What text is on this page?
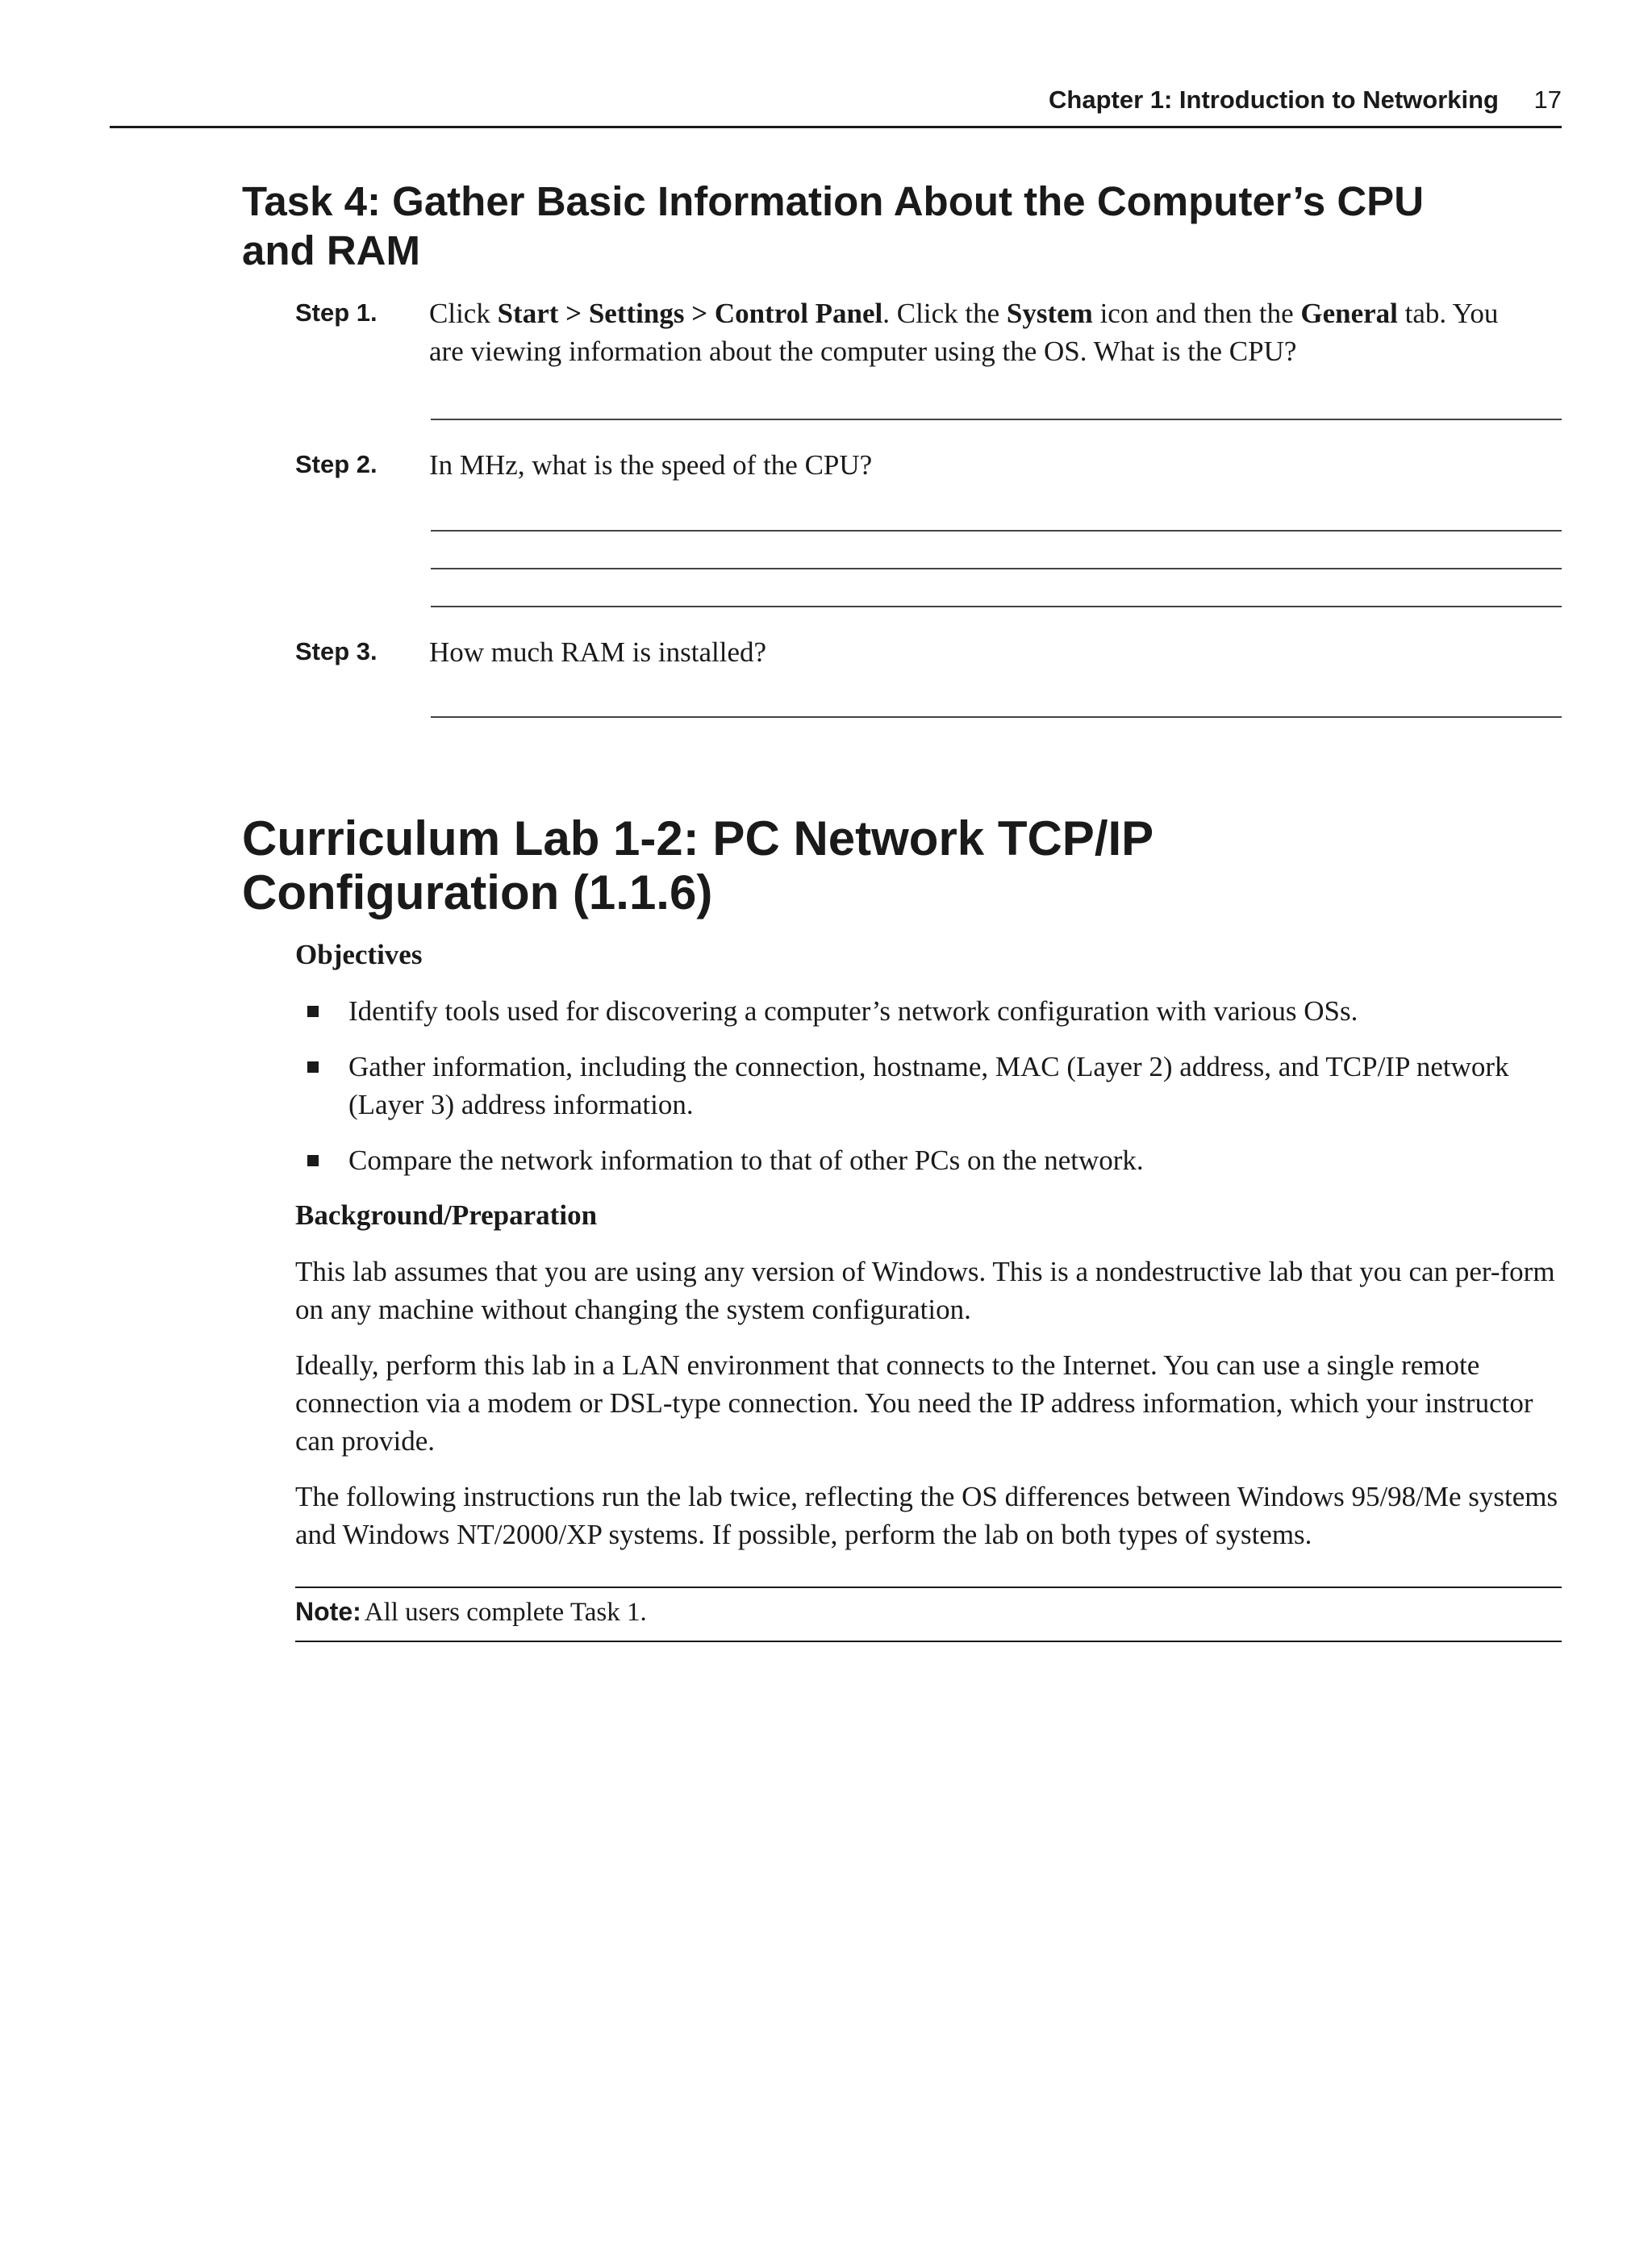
Chapter 1: Introduction to Networking 17
Task 4: Gather Basic Information About the Computer’s CPU
and RAM
Step 1. Click Start > Settings > Control Panel. Click the System icon and then the General tab. You
are viewing information about the computer using the OS. What is the CPU?
Step 2. In MHz, what is the speed of the CPU?
Step 3. How much RAM is installed?
Curriculum Lab 1-2: PC Network TCP/IP
Configuration (1.1.6)
Objectives
Identify tools used for discovering a computer’s network configuration with various OSs.
Gather information, including the connection, hostname, MAC (Layer 2) address, and TCP/IP network (Layer 3) address information.
Compare the network information to that of other PCs on the network.
Background/Preparation
This lab assumes that you are using any version of Windows. This is a nondestructive lab that you can per-form on any machine without changing the system configuration.
Ideally, perform this lab in a LAN environment that connects to the Internet. You can use a single remote connection via a modem or DSL-type connection. You need the IP address information, which your instructor can provide.
The following instructions run the lab twice, reflecting the OS differences between Windows 95/98/Me systems and Windows NT/2000/XP systems. If possible, perform the lab on both types of systems.
Note: All users complete Task 1.
